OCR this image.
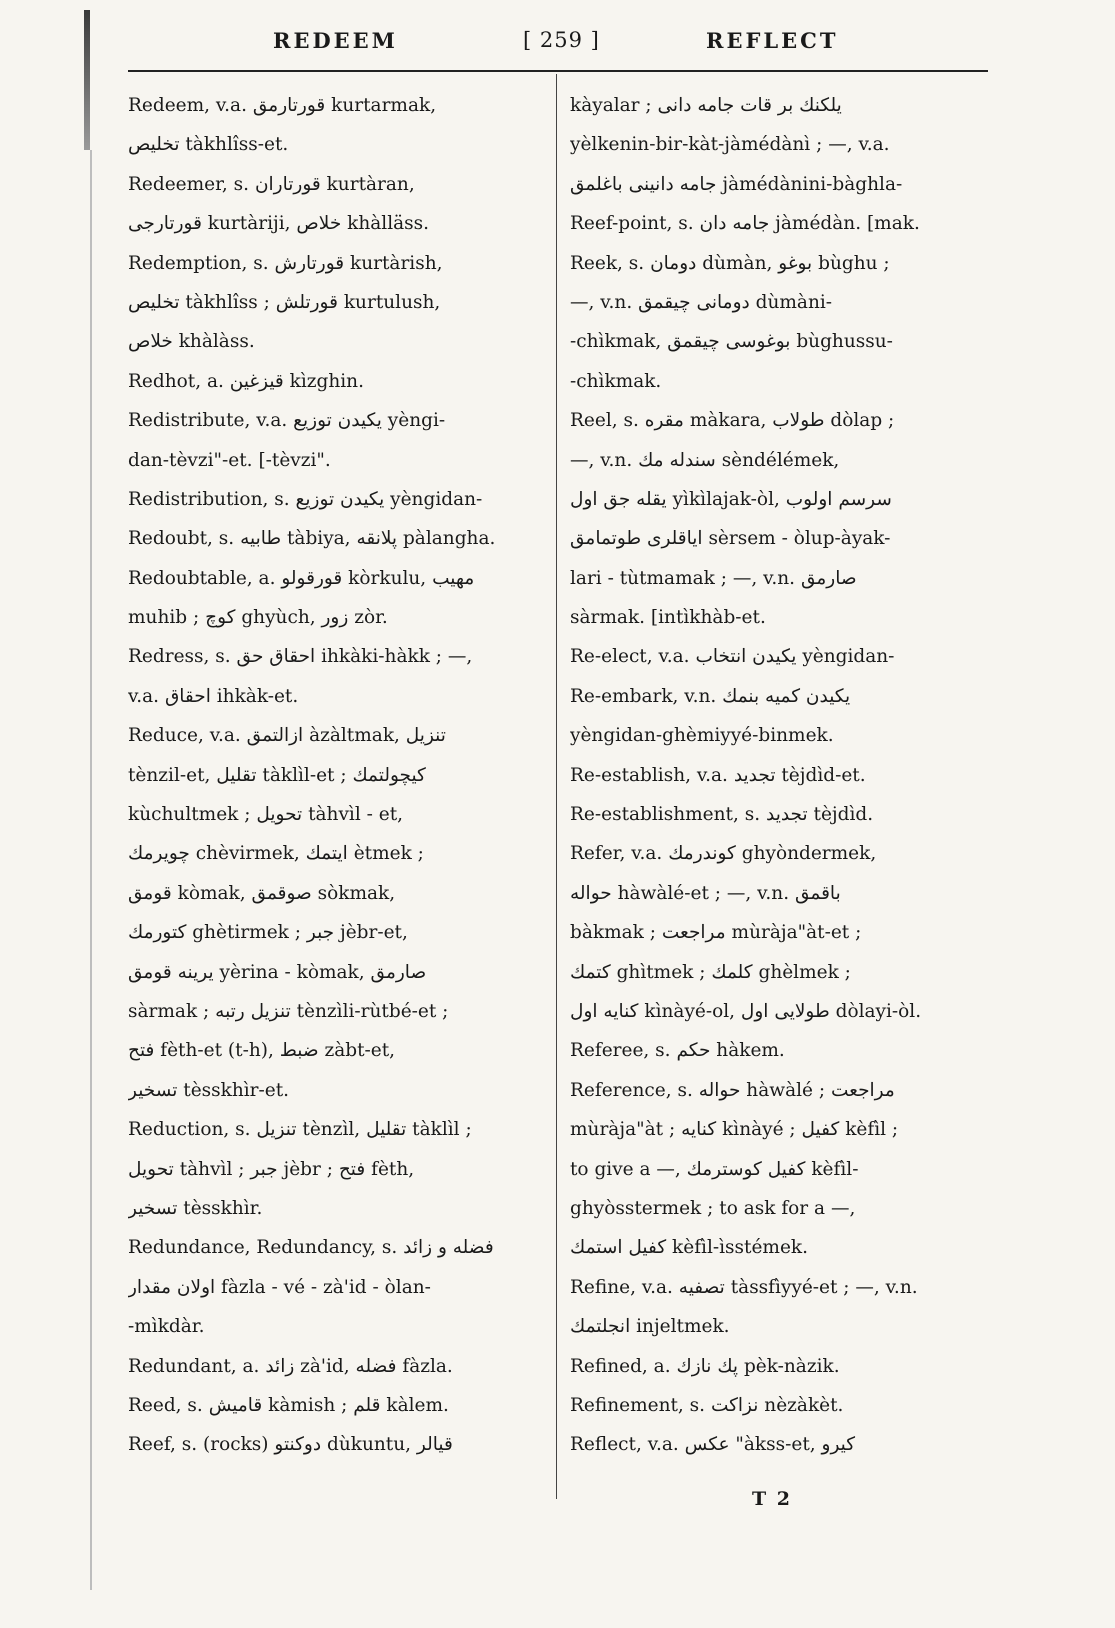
REDEEM	[ 259 ]	REFLECT
Redeem, v.a. قورتارمق kurtarmak,
تخليص tàkhlîss-et.
Redeemer, s. قورتاران kurtàran,
قورتارجى kurtàriji, خلاص khàlläss.
Redemption, s. قورتارش kurtàrish,
تخليص tàkhlîss ; قورتلش kurtulush,
خلاص khàlàss.
Redhot, a. قيزغين kìzghin.
Redistribute, v.a. يكيدن توزيع yèngi-
dan-tèvzi"-et. [-tèvzi".
Redistribution, s. يكيدن توزيع yèngidan-
Redoubt, s. طابيه tàbiya, پلانقه pàlangha.
Redoubtable, a. قورقولو kòrkulu, مهيب
muhib ; كوچ ghyùch, زور zòr.
Redress, s. احقاق حق ihkàki-hàkk ; —,
v.a. احقاق ihkàk-et.
Reduce, v.a. ازالتمق àzàltmak, تنزيل
tènzil-et, تقليل tàklìl-et ; كيچولتمك
kùchultmek ; تحويل tàhvìl - et,
چويرمك chèvirmek, ايتمك ètmek ;
قومق kòmak, صوقمق sòkmak,
كتورمك ghètirmek ; جبر jèbr-et,
يرينه قومق yèrina - kòmak, صارمق
sàrmak ; تنزيل رتبه tènzìli-rùtbé-et ;
فتح fèth-et (t-h), ضبط zàbt-et,
تسخير tèsskhìr-et.
Reduction, s. تنزيل tènzìl, تقليل tàklìl ;
تحويل tàhvìl ; جبر jèbr ; فتح fèth,
تسخير tèsskhìr.
Redundance, Redundancy, s. فضله و زائد
اولان مقدار fàzla - vé - zà'id - òlan-
-mìkdàr.
Redundant, a. زائد zà'id, فضله fàzla.
Reed, s. قاميش kàmish ; قلم kàlem.
Reef, s. (rocks) دوكنتو dùkuntu, قيالر
kàyalar ; يلكنك بر قات جامه دانى
yèlkenin-bir-kàt-jàmédànì ; —, v.a.
جامه دانينى باغلمق jàmédànini-bàghla-
Reef-point, s. جامه دان jàmédàn. [mak.
Reek, s. دومان dùmàn, بوغو bùghu ;
—, v.n. دومانى چيقمق dùmàni-
-chìkmak, بوغوسى چيقمق bùghussu-
-chìkmak.
Reel, s. مقره màkara, طولاب dòlap ;
—, v.n. سندله مك sèndélémek,
يقله جق اول yìkìlajak-òl, سرسم اولوب
اياقلرى طوتمامق sèrsem - òlup-àyak-
lari - tùtmamak ; —, v.n. صارمق
sàrmak. [intìkhàb-et.
Re-elect, v.a. يكيدن انتخاب yèngidan-
Re-embark, v.n. يكيدن كميه بنمك
yèngidan-ghèmiyyé-binmek.
Re-establish, v.a. تجديد tèjdìd-et.
Re-establishment, s. تجديد tèjdìd.
Refer, v.a. كوندرمك ghyòndermek,
حواله hàwàlé-et ; —, v.n. باقمق
bàkmak ; مراجعت mùràja"àt-et ;
كتمك ghìtmek ; كلمك ghèlmek ;
كنايه اول kìnàyé-ol, طولايى اول dòlayi-òl.
Referee, s. حكم hàkem.
Reference, s. حواله hàwàlé ; مراجعت
mùràja"àt ; كنايه kìnàyé ; كفيل kèfìl ;
to give a —, كفيل كوسترمك kèfìl-
ghyòsstermek ; to ask for a —,
كفيل استمك kèfìl-ìsstémek.
Refine, v.a. تصفيه tàssfìyyé-et ; —, v.n.
انجلتمك injeltmek.
Refined, a. پك نازك pèk-nàzik.
Refinement, s. نزاكت nèzàkèt.
Reflect, v.a. عكس "àkss-et, كيرو
T 2
